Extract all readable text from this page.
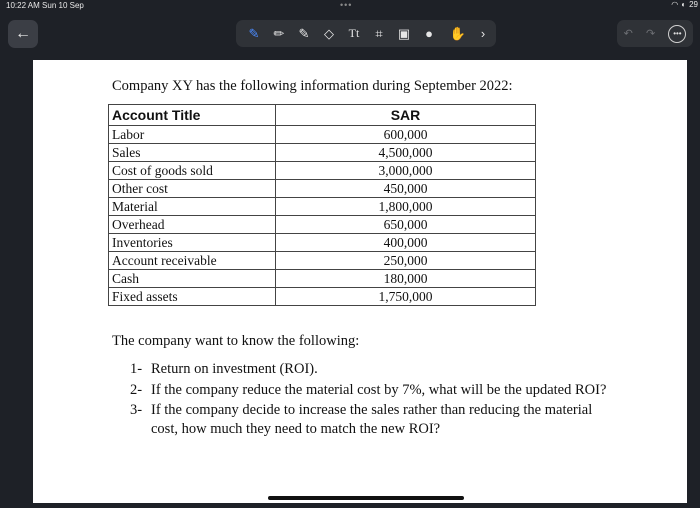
10:22 AM Sun 10 Sep	•••	◠ ◐ 29
←	✎ ✏ ✎ ◇ Tt ⌗ ▣ ● ✋ ›	↶ ↷	•••
Company XY has the following information during September 2022:
Account Title	SAR
Labor	600,000
Sales	4,500,000
Cost of goods sold	3,000,000
Other cost	450,000
Material	1,800,000
Overhead	650,000
Inventories	400,000
Account receivable	250,000
Cash	180,000
Fixed assets	1,750,000
The company want to know the following:
1- Return on investment (ROI).
2- If the company reduce the material cost by 7%, what will be the updated ROI?
3- If the company decide to increase the sales rather than reducing the material cost, how much they need to match the new ROI?
